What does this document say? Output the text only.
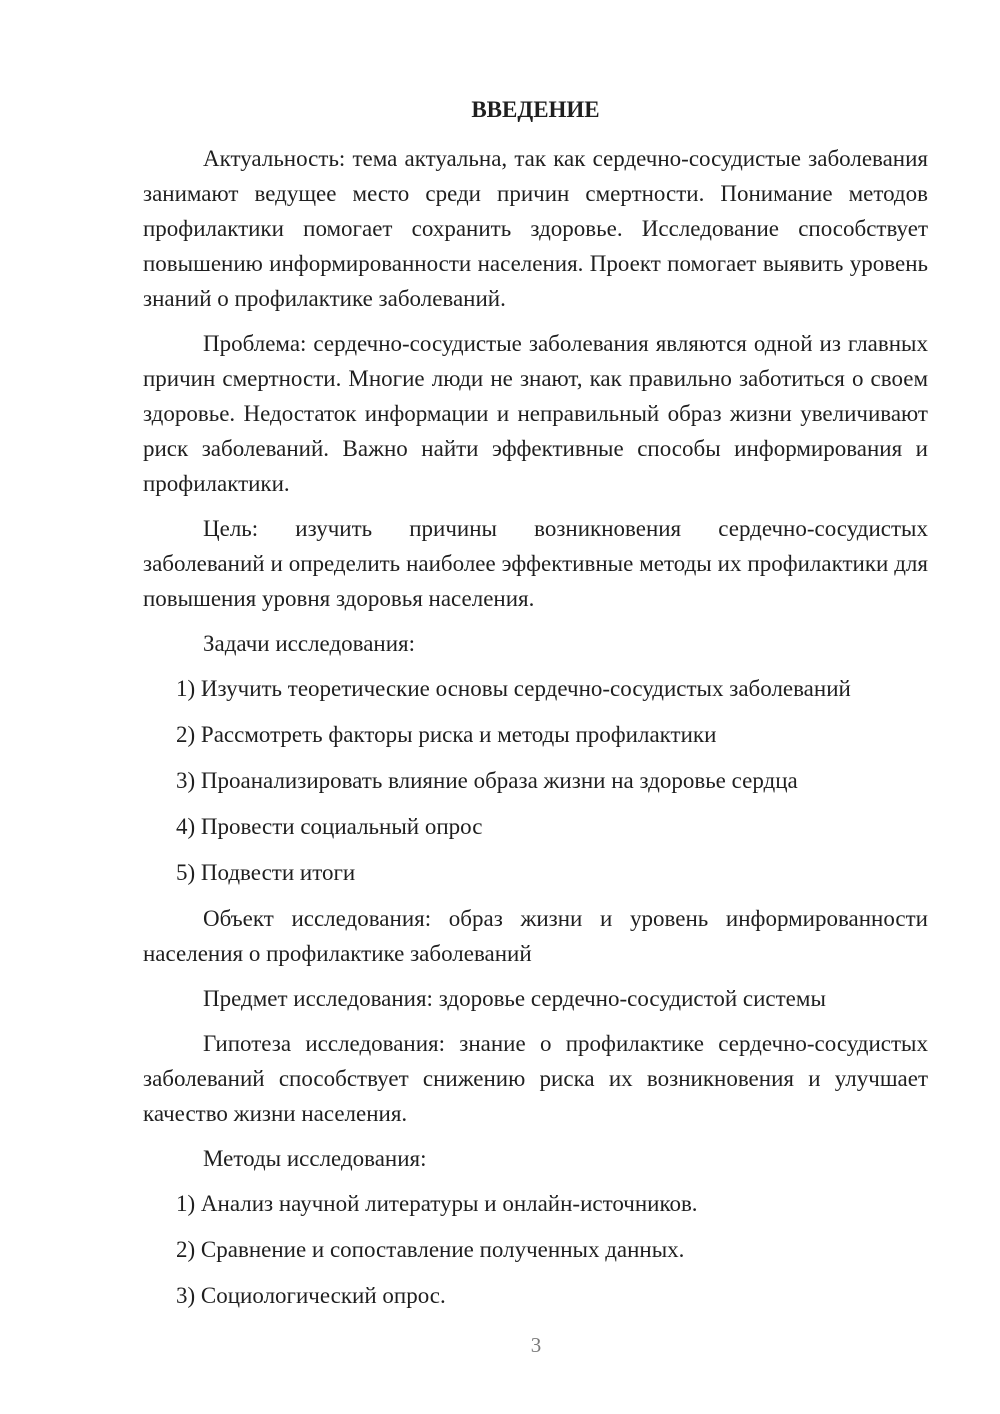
ВВЕДЕНИЕ

Актуальность: тема актуальна, так как сердечно-сосудистые заболевания занимают ведущее место среди причин смертности. Понимание методов профилактики помогает сохранить здоровье. Исследование способствует повышению информированности населения. Проект помогает выявить уровень знаний о профилактике заболеваний.

Проблема: сердечно-сосудистые заболевания являются одной из главных причин смертности. Многие люди не знают, как правильно заботиться о своем здоровье. Недостаток информации и неправильный образ жизни увеличивают риск заболеваний. Важно найти эффективные способы информирования и профилактики.

Цель: изучить причины возникновения сердечно-сосудистых заболеваний и определить наиболее эффективные методы их профилактики для повышения уровня здоровья населения.

Задачи исследования:

1) Изучить теоретические основы сердечно-сосудистых заболеваний
2) Рассмотреть факторы риска и методы профилактики
3) Проанализировать влияние образа жизни на здоровье сердца
4) Провести социальный опрос
5) Подвести итоги

Объект исследования: образ жизни и уровень информированности населения о профилактике заболеваний

Предмет исследования: здоровье сердечно-сосудистой системы

Гипотеза исследования: знание о профилактике сердечно-сосудистых заболеваний способствует снижению риска их возникновения и улучшает качество жизни населения.

Методы исследования:

1) Анализ научной литературы и онлайн-источников.
2) Сравнение и сопоставление полученных данных.
3) Социологический опрос.
3
